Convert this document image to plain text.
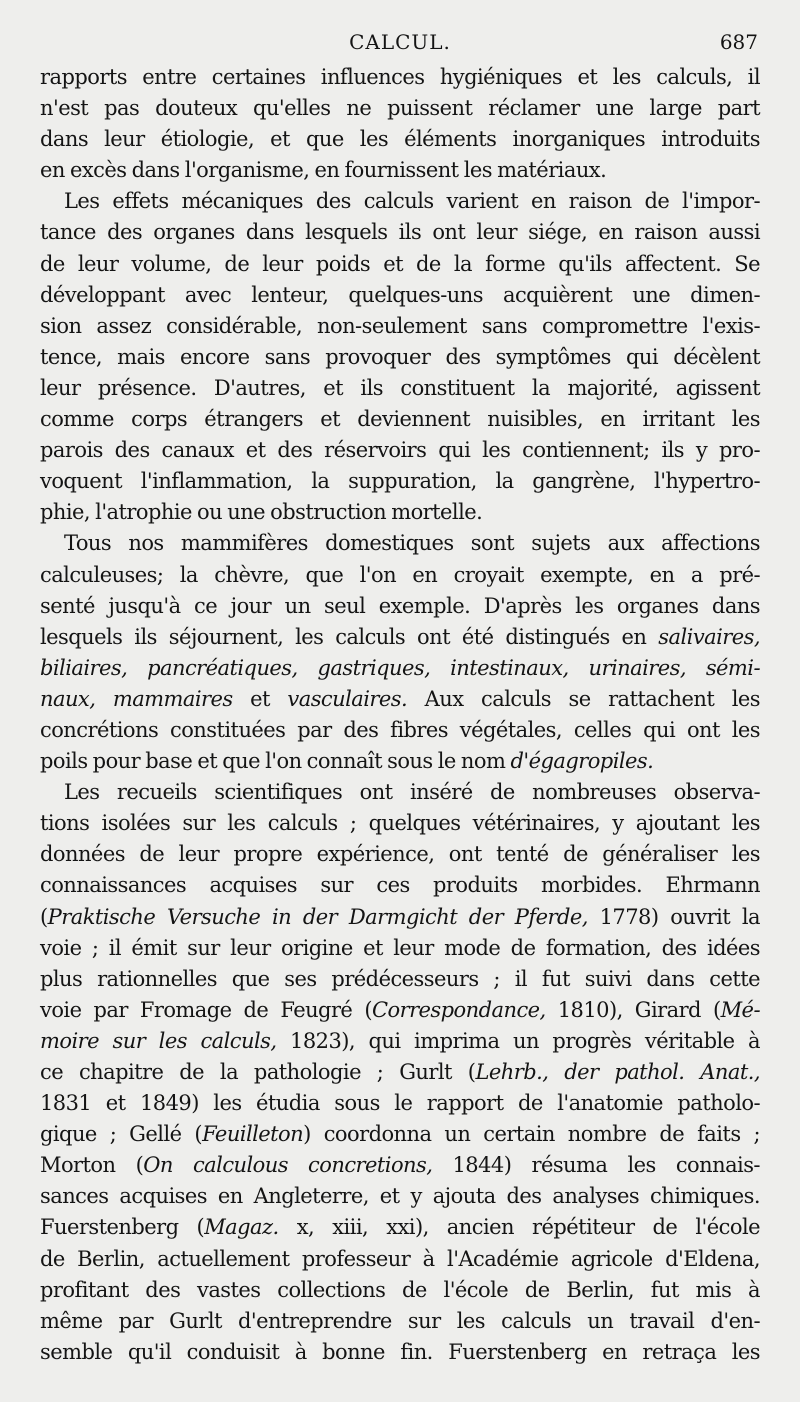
CALCUL.	687

rapports entre certaines influences hygiéniques et les calculs, il

n'est pas douteux qu'elles ne puissent réclamer une large part

dans leur étiologie, et que les éléments inorganiques introduits

en excès dans l'organisme, en fournissent les matériaux.

Les effets mécaniques des calculs varient en raison de l'impor-

tance des organes dans lesquels ils ont leur siége, en raison aussi

de leur volume, de leur poids et de la forme qu'ils affectent. Se

développant avec lenteur, quelques-uns acquièrent une dimen-

sion assez considérable, non-seulement sans compromettre l'exis-

tence, mais encore sans provoquer des symptômes qui décèlent

leur présence. D'autres, et ils constituent la majorité, agissent

comme corps étrangers et deviennent nuisibles, en irritant les

parois des canaux et des réservoirs qui les contiennent; ils y pro-

voquent l'inflammation, la suppuration, la gangrène, l'hypertro-

phie, l'atrophie ou une obstruction mortelle.

Tous nos mammifères domestiques sont sujets aux affections

calculeuses; la chèvre, que l'on en croyait exempte, en a pré-

senté jusqu'à ce jour un seul exemple. D'après les organes dans

lesquels ils séjournent, les calculs ont été distingués en salivaires,

biliaires, pancréatiques, gastriques, intestinaux, urinaires, sémi-

naux, mammaires et vasculaires. Aux calculs se rattachent les

concrétions constituées par des fibres végétales, celles qui ont les

poils pour base et que l'on connaît sous le nom d'égagropiles.

Les recueils scientifiques ont inséré de nombreuses observa-

tions isolées sur les calculs ; quelques vétérinaires, y ajoutant les

données de leur propre expérience, ont tenté de généraliser les

connaissances acquises sur ces produits morbides. Ehrmann

(Praktische Versuche in der Darmgicht der Pferde, 1778) ouvrit la

voie ; il émit sur leur origine et leur mode de formation, des idées

plus rationnelles que ses prédécesseurs ; il fut suivi dans cette

voie par Fromage de Feugré (Correspondance, 1810), Girard (Mé-

moire sur les calculs, 1823), qui imprima un progrès véritable à

ce chapitre de la pathologie ; Gurlt (Lehrb., der pathol. Anat.,

1831 et 1849) les étudia sous le rapport de l'anatomie patholo-

gique ; Gellé (Feuilleton) coordonna un certain nombre de faits ;

Morton (On calculous concretions, 1844) résuma les connais-

sances acquises en Angleterre, et y ajouta des analyses chimiques.

Fuerstenberg (Magaz. x, xiii, xxi), ancien répétiteur de l'école

de Berlin, actuellement professeur à l'Académie agricole d'Eldena,

profitant des vastes collections de l'école de Berlin, fut mis à

même par Gurlt d'entreprendre sur les calculs un travail d'en-

semble qu'il conduisit à bonne fin. Fuerstenberg en retraça les
